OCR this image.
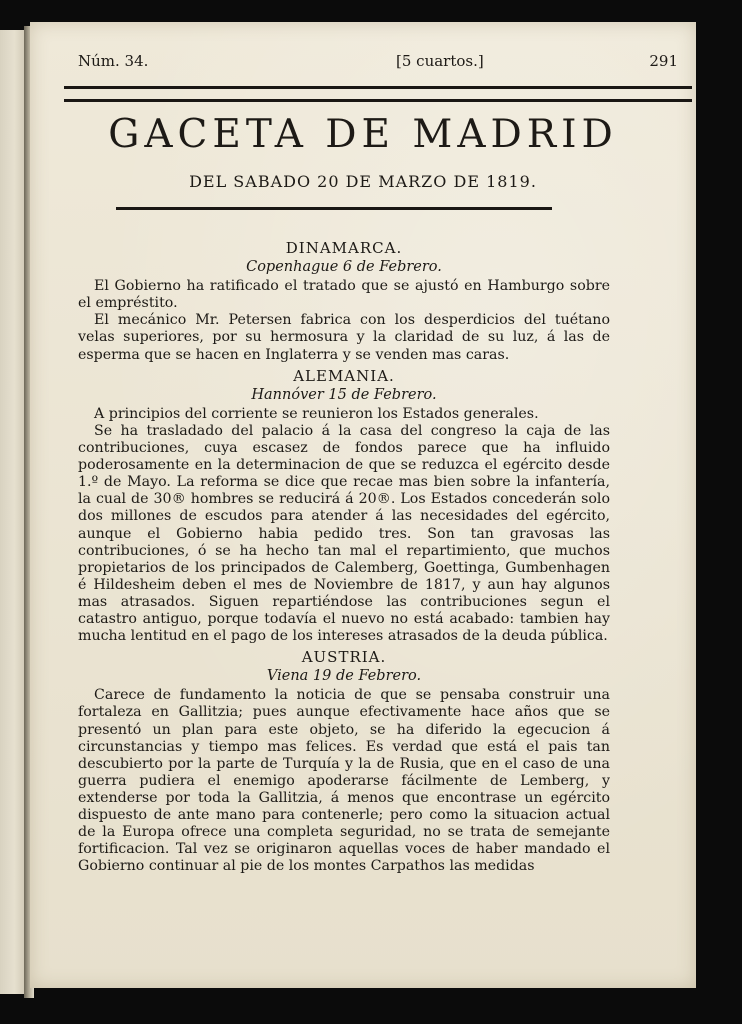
Núm. 34.	[5 cuartos.]	291
GACETA DE MADRID
DEL SABADO 20 DE MARZO DE 1819.
DINAMARCA.
Copenhague 6 de Febrero.

El Gobierno ha ratificado el tratado que se ajustó en Hamburgo sobre el empréstito.

El mecánico Mr. Petersen fabrica con los desperdicios del tuétano velas superiores, por su hermosura y la claridad de su luz, á las de esperma que se hacen en Inglaterra y se venden mas caras.

ALEMANIA.
Hannóver 15 de Febrero.

A principios del corriente se reunieron los Estados generales.

Se ha trasladado del palacio á la casa del congreso la caja de las contribuciones, cuya escasez de fondos parece que ha influido poderosamente en la determinacion de que se reduzca el egército desde 1.º de Mayo. La reforma se dice que recae mas bien sobre la infantería, la cual de 30® hombres se reducirá á 20®. Los Estados concederán solo dos millones de escudos para atender á las necesidades del egército, aunque el Gobierno habia pedido tres. Son tan gravosas las contribuciones, ó se ha hecho tan mal el repartimiento, que muchos propietarios de los principados de Calemberg, Goettinga, Gumbenhagen é Hildesheim deben el mes de Noviembre de 1817, y aun hay algunos mas atrasados. Siguen repartiéndose las contribuciones segun el catastro antiguo, porque todavía el nuevo no está acabado: tambien hay mucha lentitud en el pago de los intereses atrasados de la deuda pública.

AUSTRIA.
Viena 19 de Febrero.

Carece de fundamento la noticia de que se pensaba construir una fortaleza en Gallitzia; pues aunque efectivamente hace años que se presentó un plan para este objeto, se ha diferido la egecucion á circunstancias y tiempo mas felices. Es verdad que está el pais tan descubierto por la parte de Turquía y la de Rusia, que en el caso de una guerra pudiera el enemigo apoderarse fácilmente de Lemberg, y extenderse por toda la Gallitzia, á menos que encontrase un egército dispuesto de ante mano para contenerle; pero como la situacion actual de la Europa ofrece una completa seguridad, no se trata de semejante fortificacion. Tal vez se originaron aquellas voces de haber mandado el Gobierno continuar al pie de los montes Carpathos las medidas
